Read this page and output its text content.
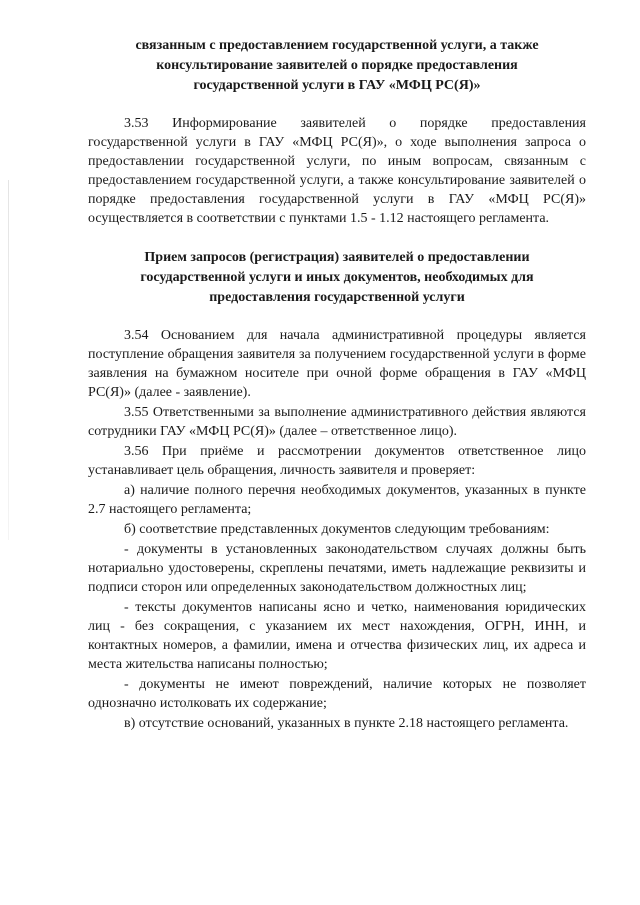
связанным с предоставлением государственной услуги, а также
консультирование заявителей о порядке предоставления
государственной услуги в ГАУ «МФЦ РС(Я)»

3.53 Информирование заявителей о порядке предоставления государственной услуги в ГАУ «МФЦ РС(Я)», о ходе выполнения запроса о предоставлении государственной услуги, по иным вопросам, связанным с предоставлением государственной услуги, а также консультирование заявителей о порядке предоставления государственной услуги в ГАУ «МФЦ РС(Я)» осуществляется в соответствии с пунктами 1.5 - 1.12 настоящего регламента.

Прием запросов (регистрация) заявителей о предоставлении
государственной услуги и иных документов, необходимых для
предоставления государственной услуги

3.54 Основанием для начала административной процедуры является поступление обращения заявителя за получением государственной услуги в форме заявления на бумажном носителе при очной форме обращения в ГАУ «МФЦ РС(Я)» (далее - заявление).

3.55 Ответственными за выполнение административного действия являются сотрудники ГАУ «МФЦ РС(Я)» (далее – ответственное лицо).

3.56 При приёме и рассмотрении документов ответственное лицо устанавливает цель обращения, личность заявителя и проверяет:

а) наличие полного перечня необходимых документов, указанных в пункте 2.7 настоящего регламента;

б) соответствие представленных документов следующим требованиям:

- документы в установленных законодательством случаях должны быть нотариально удостоверены, скреплены печатями, иметь надлежащие реквизиты и подписи сторон или определенных законодательством должностных лиц;

- тексты документов написаны ясно и четко, наименования юридических лиц - без сокращения, с указанием их мест нахождения, ОГРН, ИНН, и контактных номеров, а фамилии, имена и отчества физических лиц, их адреса и места жительства написаны полностью;

- документы не имеют повреждений, наличие которых не позволяет однозначно истолковать их содержание;

в) отсутствие оснований, указанных в пункте 2.18 настоящего регламента.
